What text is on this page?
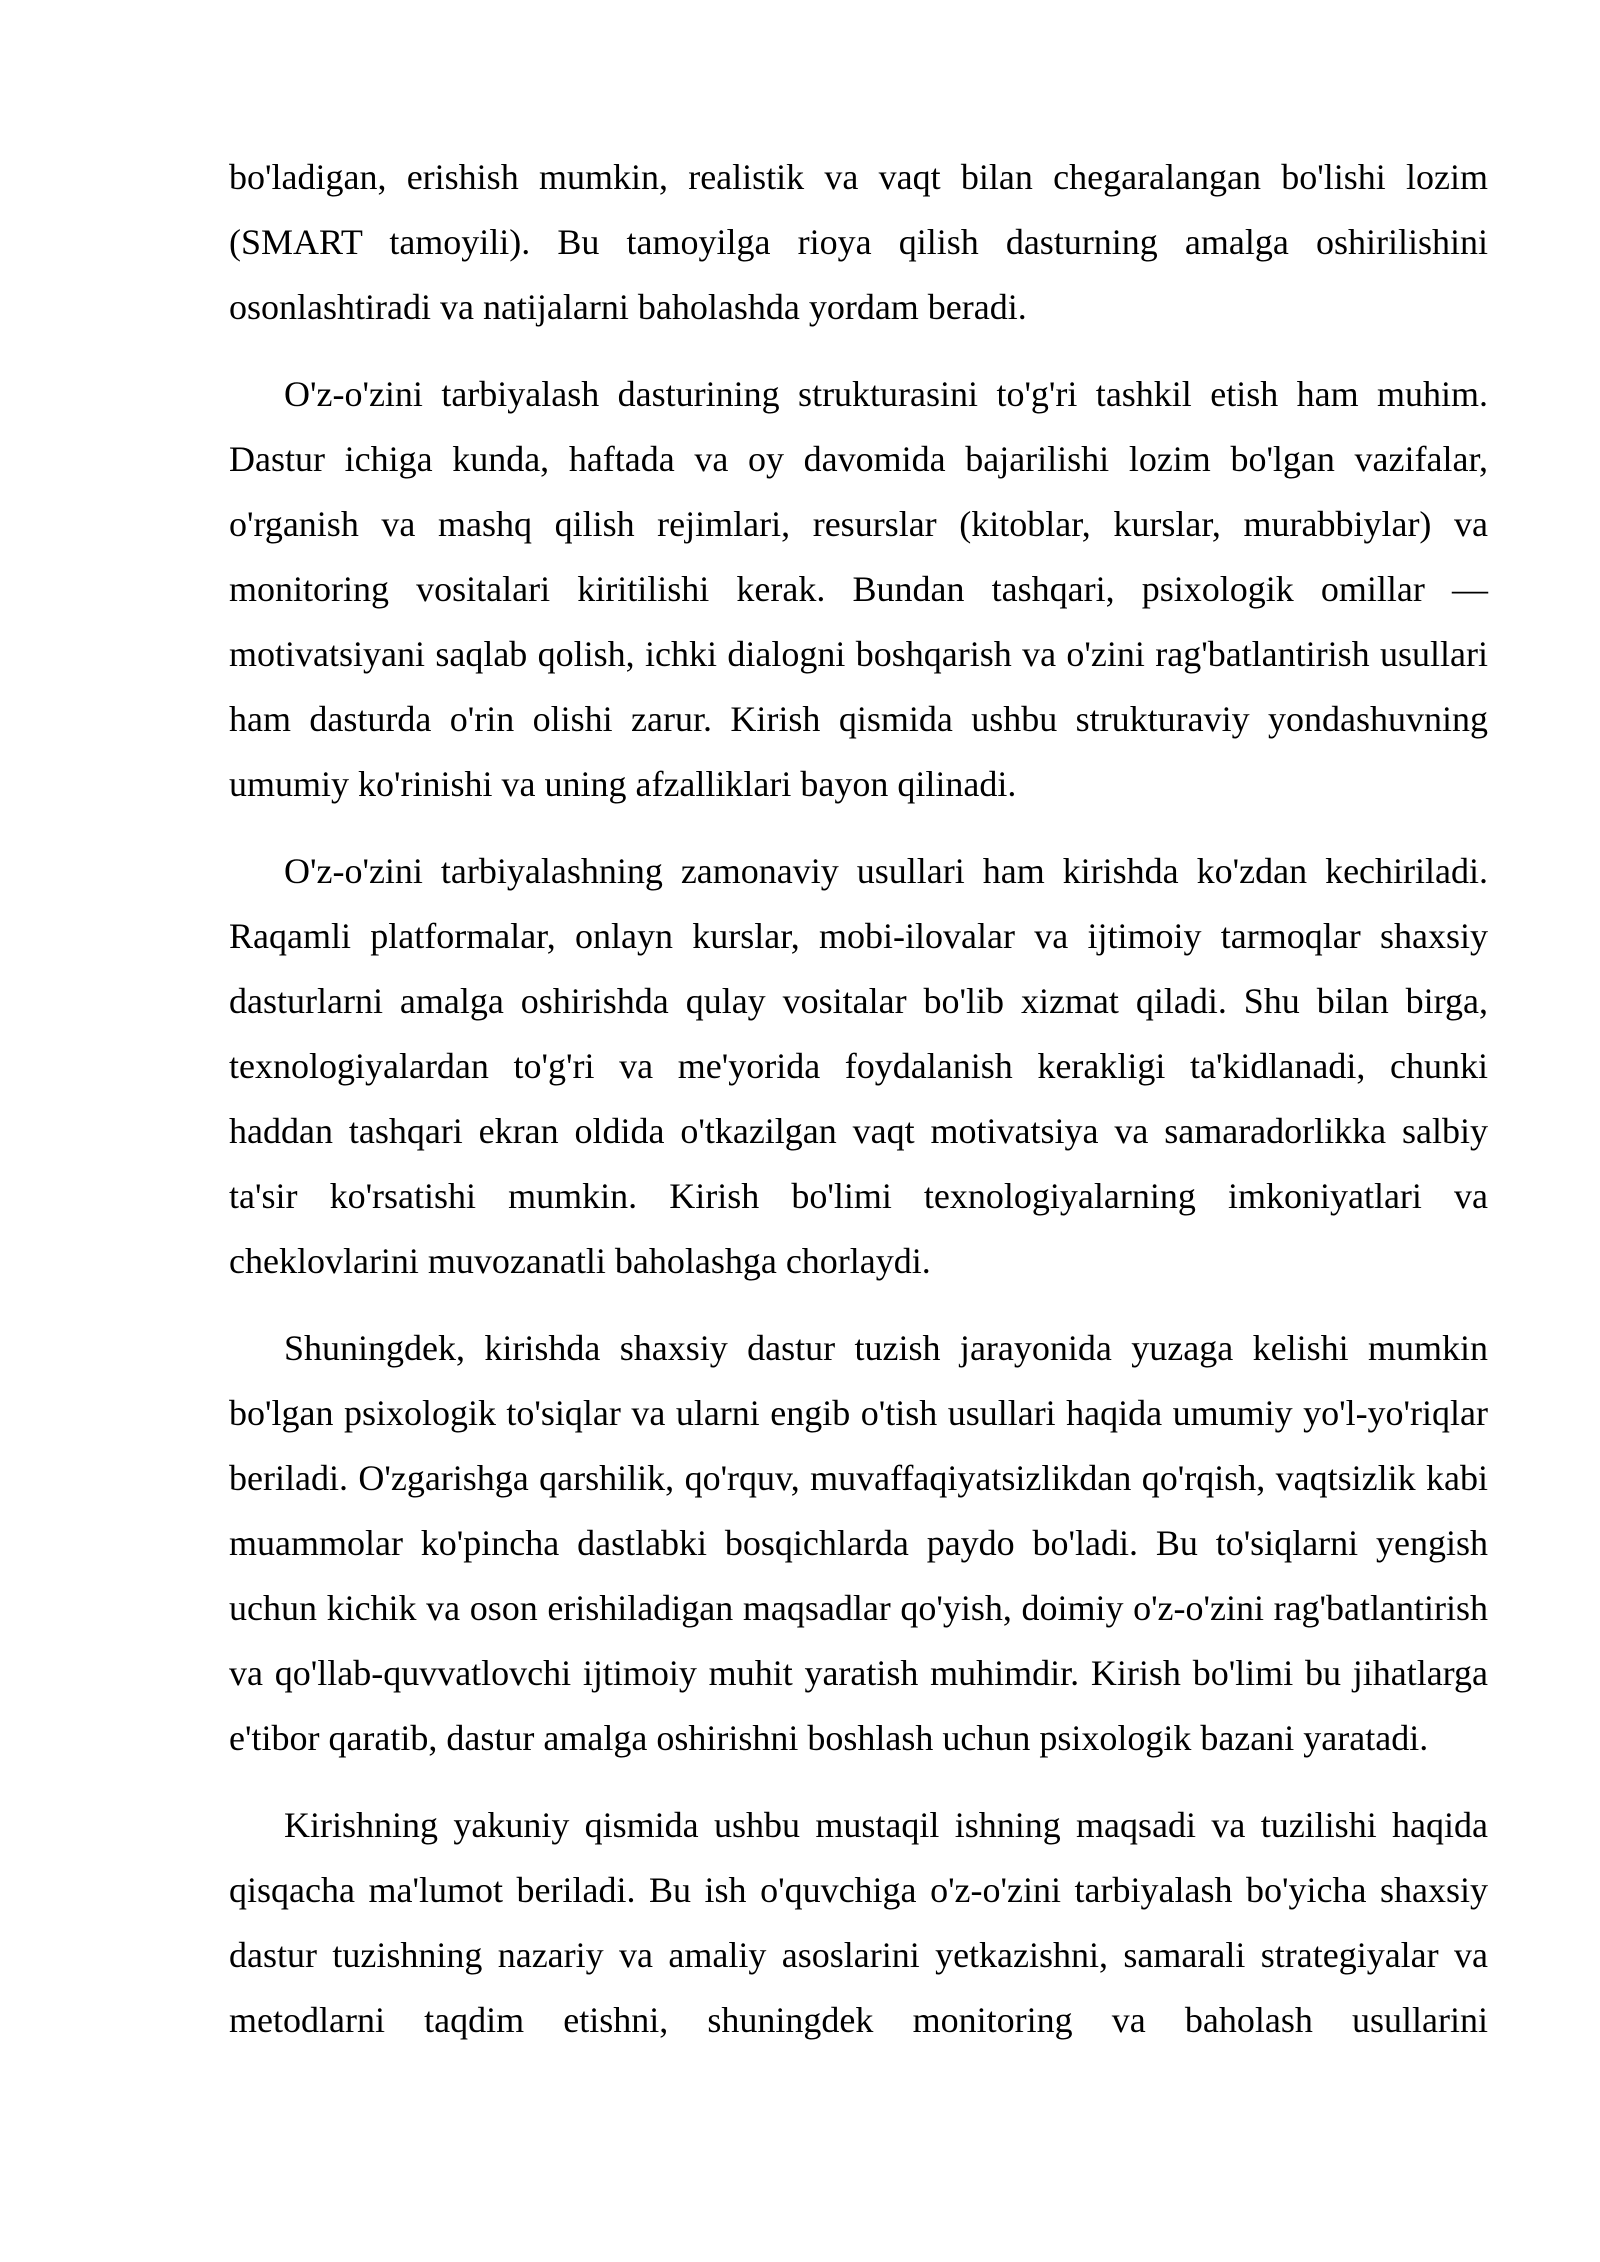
bo'ladigan, erishish mumkin, realistik va vaqt bilan chegaralangan bo'lishi lozim (SMART tamoyili). Bu tamoyilga rioya qilish dasturning amalga oshirilishini osonlashtiradi va natijalarni baholashda yordam beradi.

O'z-o'zini tarbiyalash dasturining strukturasini to'g'ri tashkil etish ham muhim. Dastur ichiga kunda, haftada va oy davomida bajarilishi lozim bo'lgan vazifalar, o'rganish va mashq qilish rejimlari, resurslar (kitoblar, kurslar, murabbiylar) va monitoring vositalari kiritilishi kerak. Bundan tashqari, psixologik omillar — motivatsiyani saqlab qolish, ichki dialogni boshqarish va o'zini rag'batlantirish usullari ham dasturda o'rin olishi zarur. Kirish qismida ushbu strukturaviy yondashuvning umumiy ko'rinishi va uning afzalliklari bayon qilinadi.

O'z-o'zini tarbiyalashning zamonaviy usullari ham kirishda ko'zdan kechiriladi. Raqamli platformalar, onlayn kurslar, mobi-ilovalar va ijtimoiy tarmoqlar shaxsiy dasturlarni amalga oshirishda qulay vositalar bo'lib xizmat qiladi. Shu bilan birga, texnologiyalardan to'g'ri va me'yorida foydalanish kerakligi ta'kidlanadi, chunki haddan tashqari ekran oldida o'tkazilgan vaqt motivatsiya va samaradorlikka salbiy ta'sir ko'rsatishi mumkin. Kirish bo'limi texnologiyalarning imkoniyatlari va cheklovlarini muvozanatli baholashga chorlaydi.

Shuningdek, kirishda shaxsiy dastur tuzish jarayonida yuzaga kelishi mumkin bo'lgan psixologik to'siqlar va ularni engib o'tish usullari haqida umumiy yo'l-yo'riqlar beriladi. O'zgarishga qarshilik, qo'rquv, muvaffaqiyatsizlikdan qo'rqish, vaqtsizlik kabi muammolar ko'pincha dastlabki bosqichlarda paydo bo'ladi. Bu to'siqlarni yengish uchun kichik va oson erishiladigan maqsadlar qo'yish, doimiy o'z-o'zini rag'batlantirish va qo'llab-quvvatlovchi ijtimoiy muhit yaratish muhimdir. Kirish bo'limi bu jihatlarga e'tibor qaratib, dastur amalga oshirishni boshlash uchun psixologik bazani yaratadi.

Kirishning yakuniy qismida ushbu mustaqil ishning maqsadi va tuzilishi haqida qisqacha ma'lumot beriladi. Bu ish o'quvchiga o'z-o'zini tarbiyalash bo'yicha shaxsiy dastur tuzishning nazariy va amaliy asoslarini yetkazishni, samarali strategiyalar va metodlarni taqdim etishni, shuningdek monitoring va baholash usullarini
